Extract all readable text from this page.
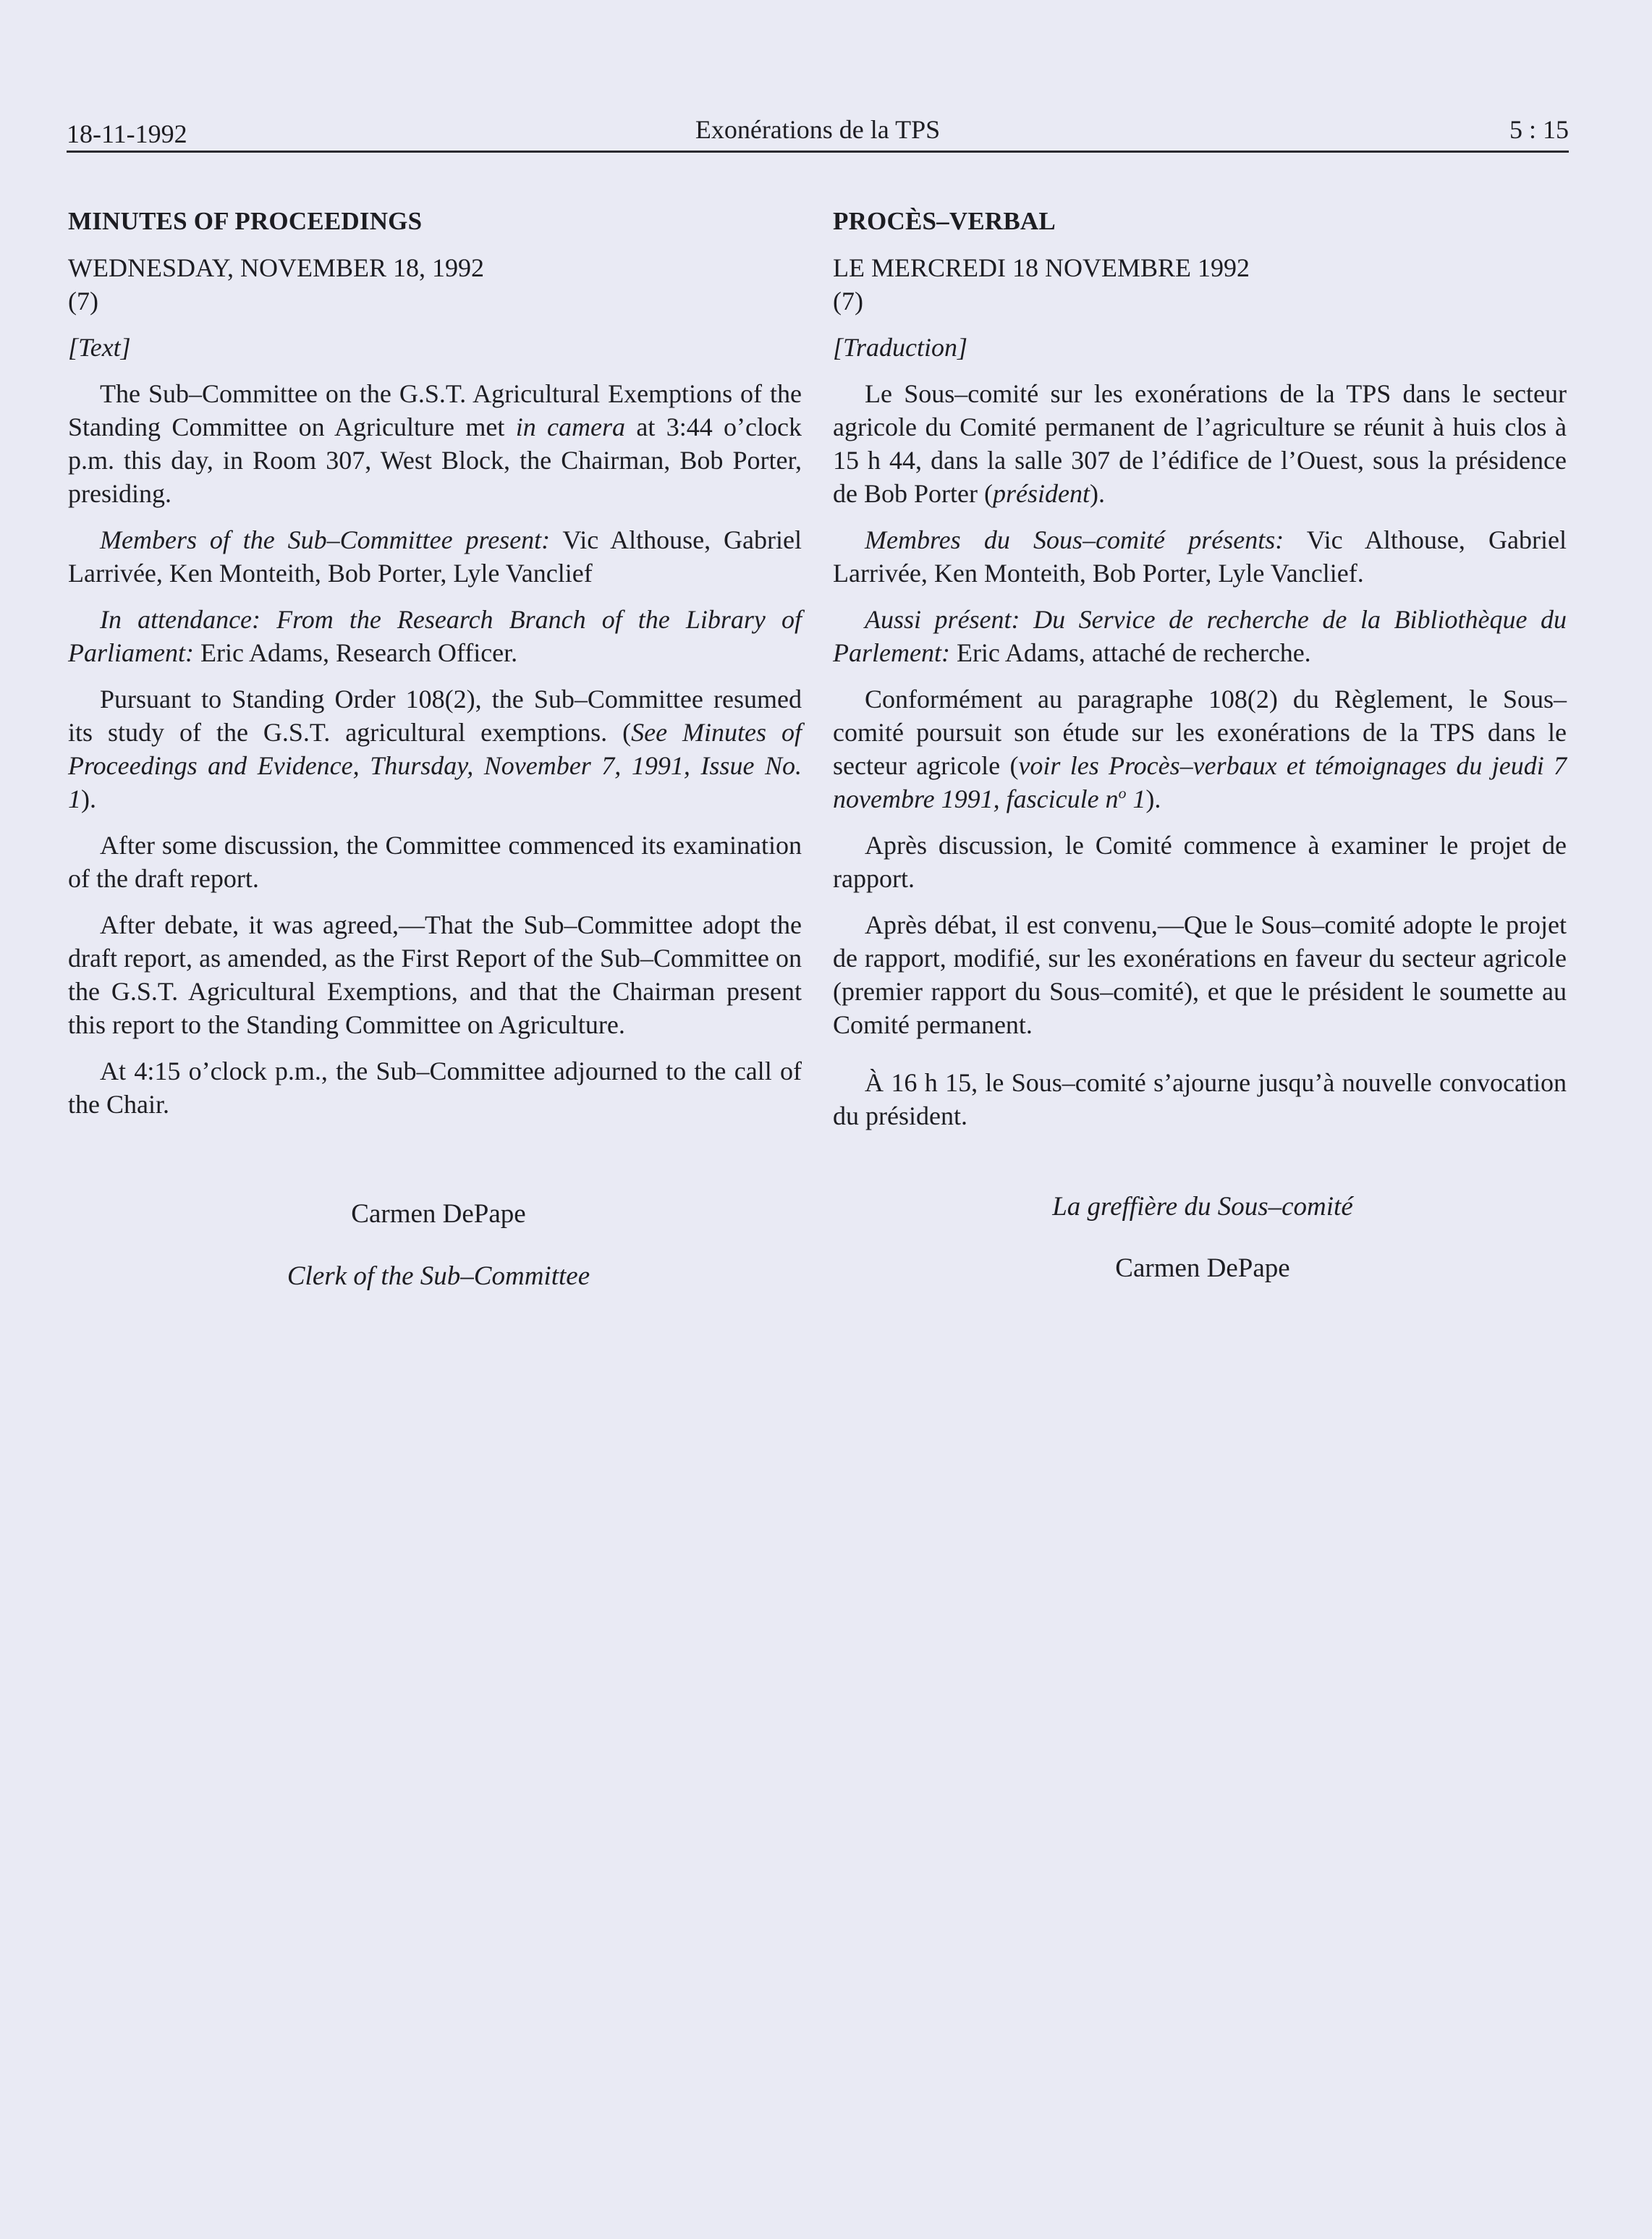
18-11-1992	Exonérations de la TPS	5 : 15
MINUTES OF PROCEEDINGS
WEDNESDAY, NOVEMBER 18, 1992
(7)
[Text]

The Sub–Committee on the G.S.T. Agricultural Exemptions of the Standing Committee on Agriculture met in camera at 3:44 o’clock p.m. this day, in Room 307, West Block, the Chairman, Bob Porter, presiding.

Members of the Sub–Committee present: Vic Althouse, Gabriel Larrivée, Ken Monteith, Bob Porter, Lyle Vanclief

In attendance: From the Research Branch of the Library of Parliament: Eric Adams, Research Officer.

Pursuant to Standing Order 108(2), the Sub–Committee resumed its study of the G.S.T. agricultural exemptions. (See Minutes of Proceedings and Evidence, Thursday, November 7, 1991, Issue No. 1).

After some discussion, the Committee commenced its examination of the draft report.

After debate, it was agreed,—That the Sub–Committee adopt the draft report, as amended, as the First Report of the Sub–Committee on the G.S.T. Agricultural Exemptions, and that the Chairman present this report to the Standing Committee on Agriculture.

At 4:15 o’clock p.m., the Sub–Committee adjourned to the call of the Chair.

PROCÈS–VERBAL
LE MERCREDI 18 NOVEMBRE 1992
(7)
[Traduction]

Le Sous–comité sur les exonérations de la TPS dans le secteur agricole du Comité permanent de l’agriculture se réunit à huis clos à 15 h 44, dans la salle 307 de l’édifice de l’Ouest, sous la présidence de Bob Porter (président).

Membres du Sous–comité présents: Vic Althouse, Gabriel Larrivée, Ken Monteith, Bob Porter, Lyle Vanclief.

Aussi présent: Du Service de recherche de la Bibliothèque du Parlement: Eric Adams, attaché de recherche.

Conformément au paragraphe 108(2) du Règlement, le Sous–comité poursuit son étude sur les exonérations de la TPS dans le secteur agricole (voir les Procès–verbaux et témoignages du jeudi 7 novembre 1991, fascicule $n^o$ 1).

Après discussion, le Comité commence à examiner le projet de rapport.

Après débat, il est convenu,—Que le Sous–comité adopte le projet de rapport, modifié, sur les exonérations en faveur du secteur agricole (premier rapport du Sous–comité), et que le président le soumette au Comité permanent.

À 16 h 15, le Sous–comité s’ajourne jusqu’à nouvelle convocation du président.

Carmen DePape
Clerk of the Sub–Committee
La greffière du Sous–comité
Carmen DePape
